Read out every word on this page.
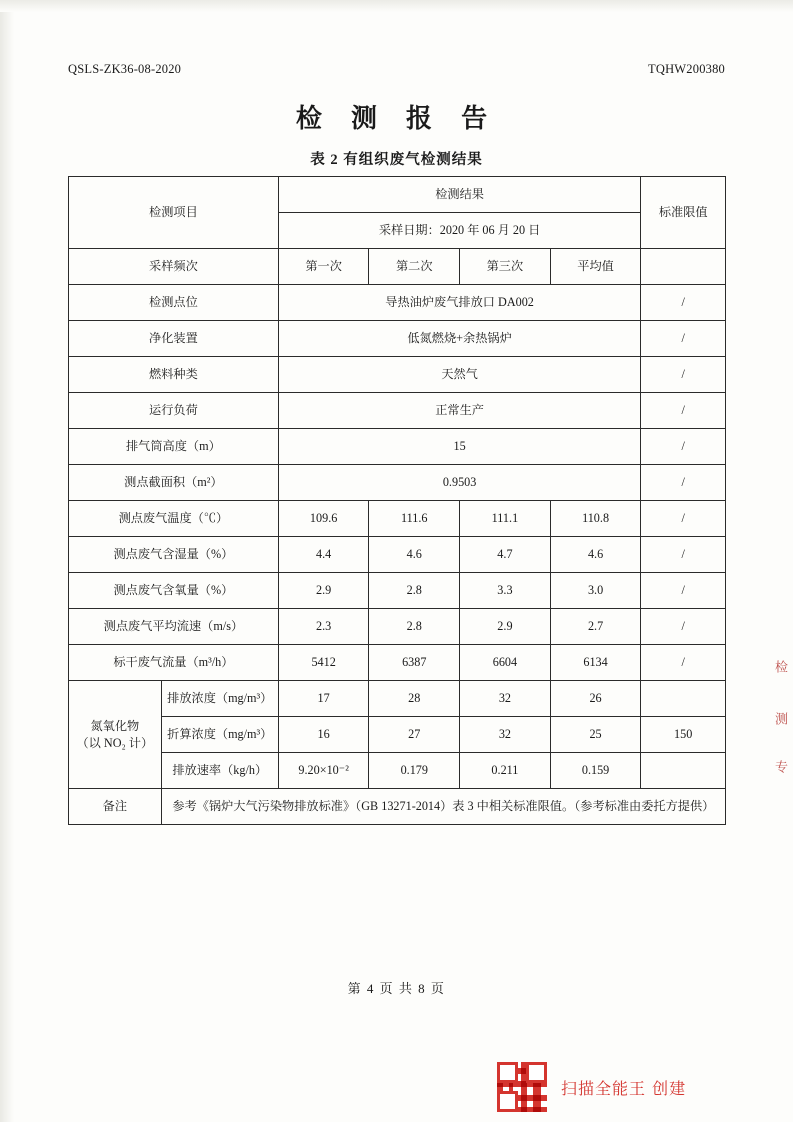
QSLS-ZK36-08-2020	TQHW200380
检 测 报 告
表 2 有组织废气检测结果
检测项目		检测结果				标准限值
		采样日期：2020 年 06 月 20 日				
采样频次		第一次	第二次	第三次	平均值	
检测点位		导热油炉废气排放口 DA002				/
净化装置		低氮燃烧+余热锅炉				/
燃料种类		天然气				/
运行负荷		正常生产				/
排气筒高度（m）		15				/
测点截面积（m²）		0.9503				/
测点废气温度（℃）		109.6	111.6	111.1	110.8	/
测点废气含湿量（%）		4.4	4.6	4.7	4.6	/
测点废气含氧量（%）		2.9	2.8	3.3	3.0	/
测点废气平均流速（m/s）		2.3	2.8	2.9	2.7	/
标干废气流量（m³/h）		5412	6387	6604	6134	/

氮氧化物
（以 NO₂ 计）	排放浓度（mg/m³）	17	28	32	26	
	折算浓度（mg/m³）	16	27	32	25	150
	排放速率（kg/h）	9.20×10⁻²	0.179	0.211	0.159	
备注	参考《锅炉大气污染物排放标准》（GB 13271-2014）表 3 中相关标准限值。（参考标准由委托方提供）					
第 4 页 共 8 页
检
测
专
扫描全能王 创建
